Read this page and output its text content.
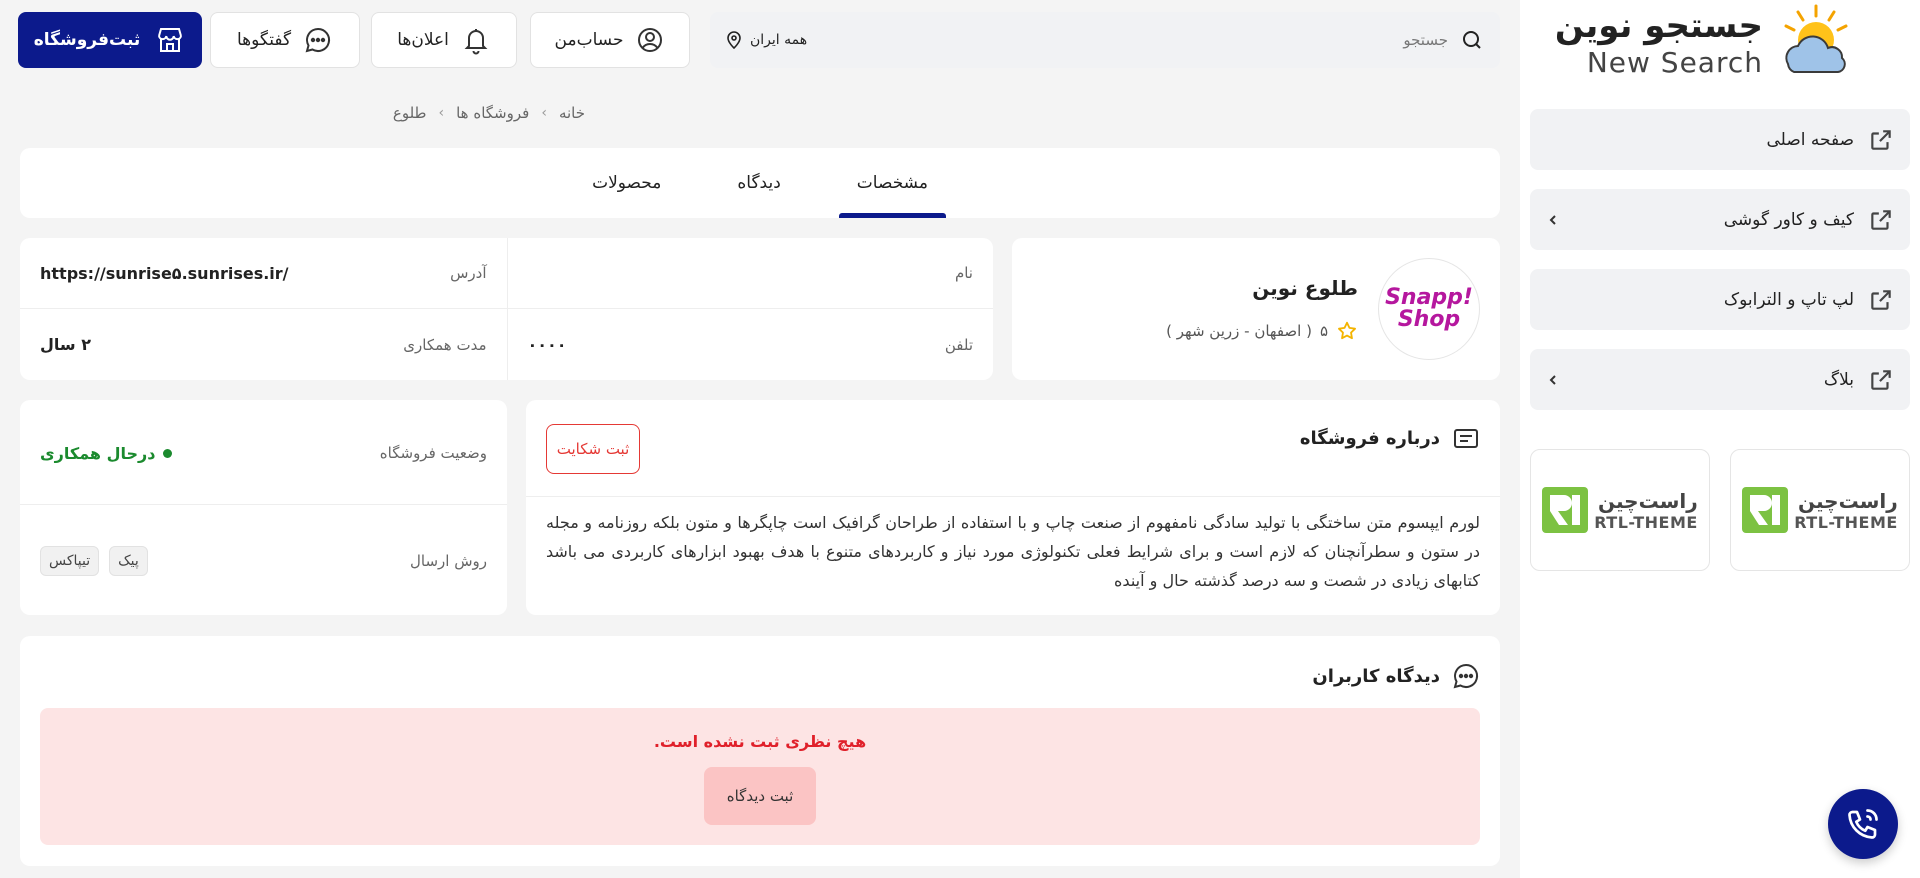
جستجو نوین
New Search
صفحه اصلی
کیف و کاور گوشی
لپ تاپ و الترابوک
بلاگ
راست‌چین
RTL-THEME
راست‌چین
RTL-THEME
جستجو
همه ایران
حساب‌من
اعلان‌ها
گفتگوها
ثبت‌فروشگاه
خانه
›
فروشگاه ها
›
طلوع
مشخصات
دیدگاه
محصولات
Snapp!
Shop
طلوع نوین
۵
( اصفهان - زرین شهر )
نام
آدرس
https://sunrise۵.sunrises.ir/
تلفن
۰۰۰۰
مدت همکاری
۲ سال
درباره فروشگاه
ثبت شکایت
لورم ایپسوم متن ساختگی با تولید سادگی نامفهوم از صنعت چاپ و با استفاده از طراحان گرافیک است چاپگرها و متون بلکه روزنامه و مجله در ستون و سطرآنچنان که لازم است و برای شرایط فعلی تکنولوژی مورد نیاز و کاربردهای متنوع با هدف بهبود ابزارهای کاربردی می باشد کتابهای زیادی در شصت و سه درصد گذشته حال و آینده
وضعیت فروشگاه
درحال همکاری
روش ارسال
پیک
تیپاکس
دیدگاه کاربران
هیچ نظری ثبت نشده است.
ثبت دیدگاه
